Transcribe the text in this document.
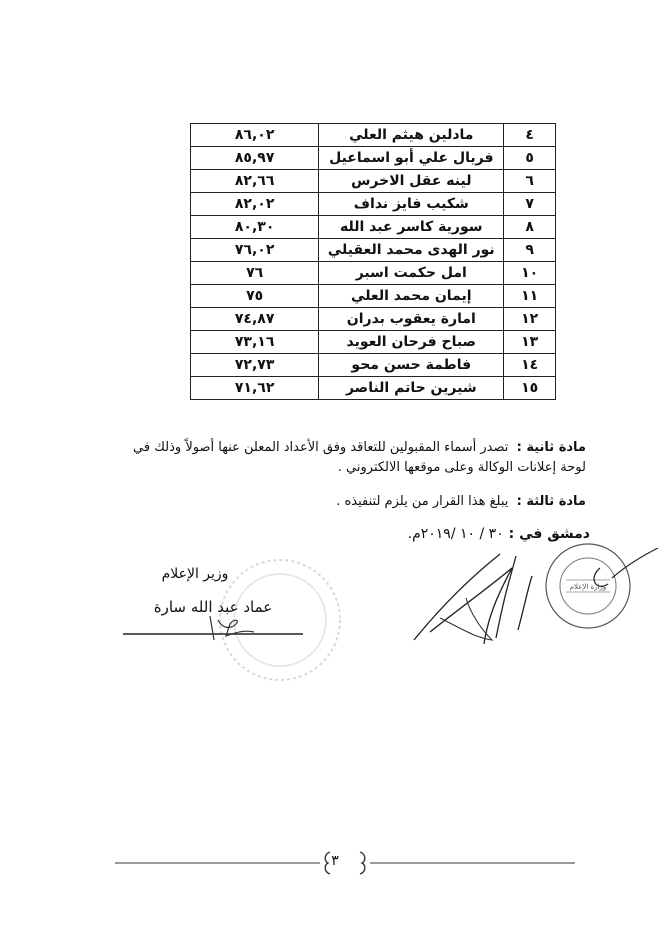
٤	مادلين هيثم العلي	٨٦,٠٢
٥	فريال علي أبو اسماعيل	٨٥,٩٧
٦	لينه عقل الاخرس	٨٢,٦٦
٧	شكيب فايز نداف	٨٢,٠٢
٨	سورية كاسر عبد الله	٨٠,٣٠
٩	نور الهدى محمد العقيلي	٧٦,٠٢
١٠	امل حكمت اسبر	٧٦
١١	إيمان محمد العلي	٧٥
١٢	امارة يعقوب بدران	٧٤,٨٧
١٣	صباح فرحان العويد	٧٣,١٦
١٤	فاطمة حسن محو	٧٢,٧٣
١٥	شيرين حاتم الناصر	٧١,٦٢
مادة ثانية :  تصدر أسماء المقبولين للتعاقد وفق الأعداد المعلن عنها أصولاً وذلك في
لوحة إعلانات الوكالة وعلى موقعها الالكتروني .
مادة ثالثة :  يبلغ هذا القرار من يلزم لتنفيذه .
دمشق في : ٣٠ / ١٠ /٢٠١٩م.
وزير الإعلام
عماد عبد الله سارة
وزارة الإعلام
٣
